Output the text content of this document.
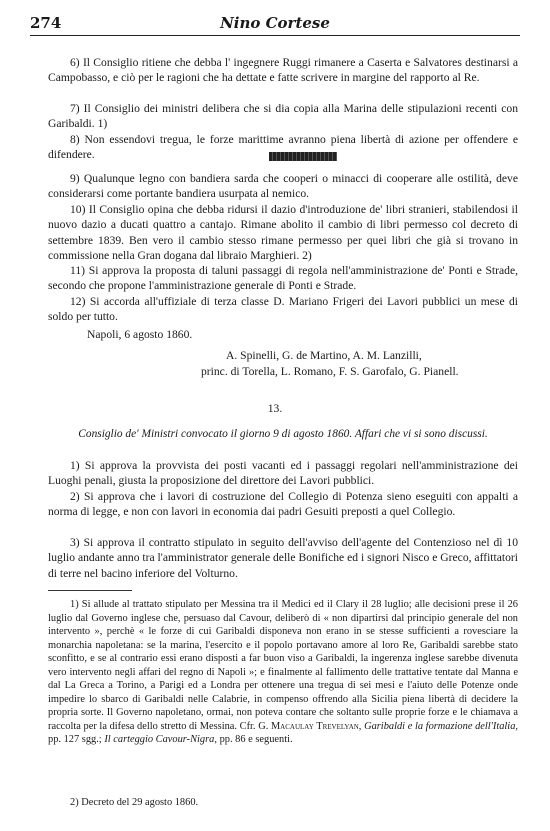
274	Nino Cortese

6) Il Consiglio ritiene che debba l' ingegnere Ruggi rimanere a Caserta e Salvatores destinarsi a Campobasso, e ciò per le ragioni che ha dettate e fatte scrivere in margine del rapporto al Re.

7) Il Consiglio dei ministri delibera che si dia copia alla Marina delle stipulazioni recenti con Garibaldi. 1)

8) Non essendovi tregua, le forze marittime avranno piena libertà di azione per offendere e difendere.

9) Qualunque legno con bandiera sarda che cooperi o minacci di cooperare alle ostilità, deve considerarsi come portante bandiera usurpata al nemico.

10) Il Consiglio opina che debba ridursi il dazio d'introduzione de' libri stranieri, stabilendosi il nuovo dazio a ducati quattro a cantajo. Rimane abolito il cambio di libri permesso col decreto di settembre 1839. Ben vero il cambio stesso rimane permesso per quei libri che già si trovano in commissione nella Gran dogana dal libraio Marghieri. 2)

11) Si approva la proposta di taluni passaggi di regola nell'amministrazione de' Ponti e Strade, secondo che propone l'amministrazione generale di Ponti e Strade.

12) Si accorda all'uffiziale di terza classe D. Mariano Frigeri dei Lavori pubblici un mese di soldo per tutto.

Napoli, 6 agosto 1860.
A. Spinelli, G. de Martino, A. M. Lanzilli,
princ. di Torella, L. Romano, F. S. Garofalo, G. Pianell.
13.
Consiglio de' Ministri convocato il giorno 9 di agosto 1860. Affari che vi si sono discussi.

1) Si approva la provvista dei posti vacanti ed i passaggi regolari nell'amministrazione dei Luoghi penali, giusta la proposizione del direttore dei Lavori pubblici.

2) Si approva che i lavori di costruzione del Collegio di Potenza sieno eseguiti con appalti a norma di legge, e non con lavori in economia dai padri Gesuiti preposti a quel Collegio.

3) Si approva il contratto stipulato in seguito dell'avviso dell'agente del Contenzioso nel dì 10 luglio andante anno tra l'amministrator generale delle Bonifiche ed i signori Nisco e Greco, affittatori di terre nel bacino inferiore del Volturno.

1) Si allude al trattato stipulato per Messina tra il Medici ed il Clary il 28 luglio; alle decisioni prese il 26 luglio dal Governo inglese che, persuaso dal Cavour, deliberò di « non dipartirsi dal principio generale del non intervento », perchè « le forze di cui Garibaldi disponeva non erano in se stesse sufficienti a rovesciare la monarchia napoletana: se la marina, l'esercito e il popolo portavano amore al loro Re, Garibaldi sarebbe stato sconfitto, e se al contrario essi erano disposti a far buon viso a Garibaldi, la ingerenza inglese sarebbe divenuta vero intervento negli affari del regno di Napoli »; e finalmente al fallimento delle trattative tentate dal Manna e dal La Greca a Torino, a Parigi ed a Londra per ottenere una tregua di sei mesi e l'aiuto delle Potenze onde impedire lo sbarco di Garibaldi nelle Calabrie, in compenso offrendo alla Sicilia piena libertà di decidere la propria sorte. Il Governo napoletano, ormai, non poteva contare che soltanto sulle proprie forze e le chiamava a raccolta per la difesa dello stretto di Messina. Cfr. G. Macaulay Trevelyan, Garibaldi e la formazione dell'Italia, pp. 127 sgg.; Il carteggio Cavour-Nigra, pp. 86 e seguenti.

2) Decreto del 29 agosto 1860.
